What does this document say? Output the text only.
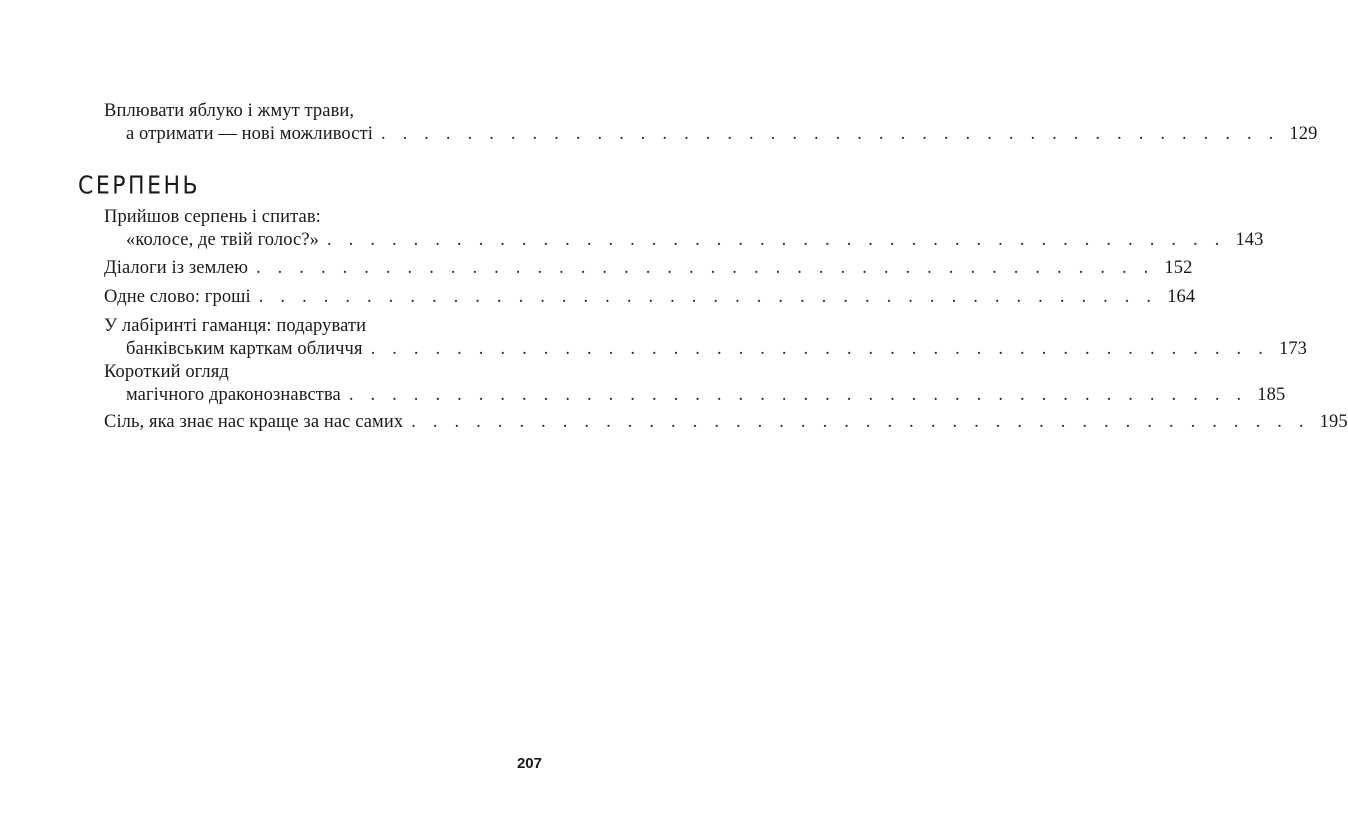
Вплювати яблуко і жмут трави,
а отримати — нові можливості . . . . . . . . . . . . . . . . . . . . . . . . . . . . . . . . . . . . . . . . . . 129
Прийшов серпень і спитав:
«колосе, де твій голос?» . . . . . . . . . . . . . . . . . . . . . . . . . . . . . . . . . . . . . . . . . . 143
Діалоги із землею . . . . . . . . . . . . . . . . . . . . . . . . . . . . . . . . . . . . . . . . . . 152
Одне слово: гроші . . . . . . . . . . . . . . . . . . . . . . . . . . . . . . . . . . . . . . . . . . 164
У лабіринті гаманця: подарувати
банківським карткам обличчя . . . . . . . . . . . . . . . . . . . . . . . . . . . . . . . . . . . . . . . . . . 173
Короткий огляд
магічного драконознавства . . . . . . . . . . . . . . . . . . . . . . . . . . . . . . . . . . . . . . . . . . 185
Сіль, яка знає нас краще за нас самих . . . . . . . . . . . . . . . . . . . . . . . . . . . . . . . . . . . . . . . . . . 195
СЕРПЕНЬ
207
